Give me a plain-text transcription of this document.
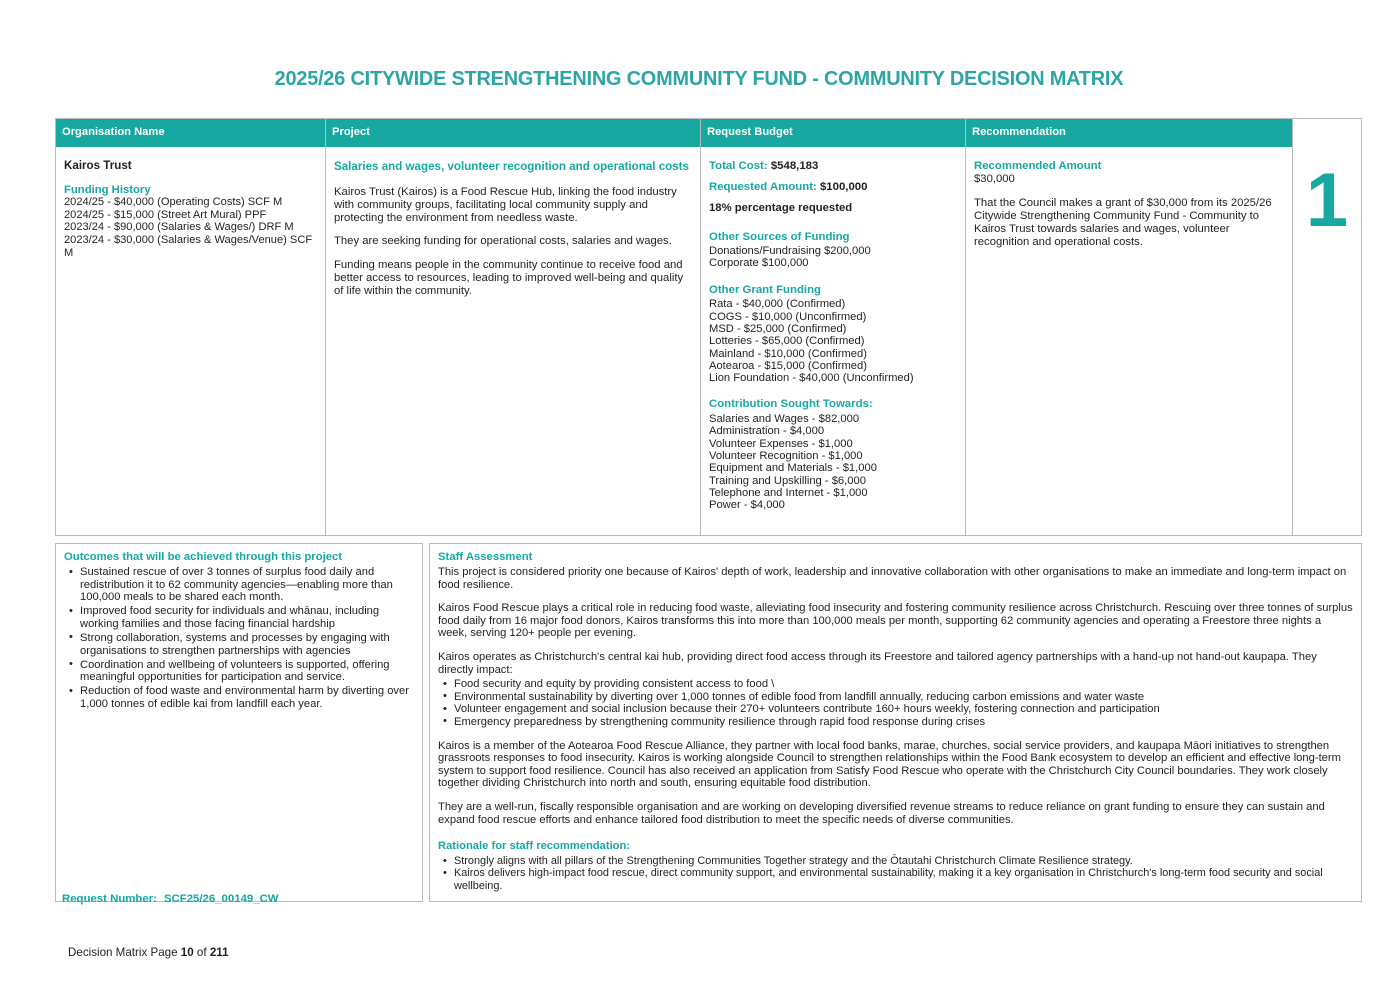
2025/26 CITYWIDE STRENGTHENING COMMUNITY FUND - COMMUNITY DECISION MATRIX
Organisation Name
Kairos Trust
Funding History
2024/25 - $40,000 (Operating Costs) SCF M
2024/25 - $15,000 (Street Art Mural) PPF
2023/24 - $90,000 (Salaries & Wages/) DRF M
2023/24 - $30,000 (Salaries & Wages/Venue) SCF M
Project
Salaries and wages, volunteer recognition and operational costs
Kairos Trust (Kairos) is a Food Rescue Hub, linking the food industry with community groups, facilitating local community supply and protecting the environment from needless waste.
They are seeking funding for operational costs, salaries and wages.
Funding means people in the community continue to receive food and better access to resources, leading to improved well-being and quality of life within the community.
Request Budget
Total Cost: $548,183
Requested Amount: $100,000
18% percentage requested
Other Sources of Funding
Donations/Fundraising $200,000
Corporate $100,000
Other Grant Funding
Rata - $40,000 (Confirmed)
COGS - $10,000 (Unconfirmed)
MSD - $25,000 (Confirmed)
Lotteries - $65,000 (Confirmed)
Mainland - $10,000 (Confirmed)
Aotearoa - $15,000 (Confirmed)
Lion Foundation - $40,000 (Unconfirmed)
Contribution Sought Towards:
Salaries and Wages - $82,000
Administration - $4,000
Volunteer Expenses - $1,000
Volunteer Recognition - $1,000
Equipment and Materials - $1,000
Training and Upskilling - $6,000
Telephone and Internet - $1,000
Power - $4,000
Recommendation
Recommended Amount
$30,000
That the Council makes a grant of $30,000 from its 2025/26 Citywide Strengthening Community Fund - Community to Kairos Trust towards salaries and wages, volunteer recognition and operational costs.	1
Outcomes that will be achieved through this project
• Sustained rescue of over 3 tonnes of surplus food daily and redistribution it to 62 community agencies—enabling more than 100,000 meals to be shared each month.
• Improved food security for individuals and whānau, including working families and those facing financial hardship
• Strong collaboration, systems and processes by engaging with organisations to strengthen partnerships with agencies
• Coordination and wellbeing of volunteers is supported, offering meaningful opportunities for participation and service.
• Reduction of food waste and environmental harm by diverting over 1,000 tonnes of edible kai from landfill each year.
Staff Assessment

This project is considered priority one because of Kairos' depth of work, leadership and innovative collaboration with other organisations to make an immediate and long-term impact on food resilience.

Kairos Food Rescue plays a critical role in reducing food waste, alleviating food insecurity and fostering community resilience across Christchurch. Rescuing over three tonnes of surplus food daily from 16 major food donors, Kairos transforms this into more than 100,000 meals per month, supporting 62 community agencies and operating a Freestore three nights a week, serving 120+ people per evening.

Kairos operates as Christchurch's central kai hub, providing direct food access through its Freestore and tailored agency partnerships with a hand-up not hand-out kaupapa. They directly impact:

• Food security and equity by providing consistent access to food \
• Environmental sustainability by diverting over 1,000 tonnes of edible food from landfill annually, reducing carbon emissions and water waste
• Volunteer engagement and social inclusion because their 270+ volunteers contribute 160+ hours weekly, fostering connection and participation
• Emergency preparedness by strengthening community resilience through rapid food response during crises

Kairos is a member of the Aotearoa Food Rescue Alliance, they partner with local food banks, marae, churches, social service providers, and kaupapa Māori initiatives to strengthen grassroots responses to food insecurity. Kairos is working alongside Council to strengthen relationships within the Food Bank ecosystem to develop an efficient and effective long-term system to support food resilience. Council has also received an application from Satisfy Food Rescue who operate with the Christchurch City Council boundaries. They work closely together dividing Christchurch into north and south, ensuring equitable food distribution.

They are a well-run, fiscally responsible organisation and are working on developing diversified revenue streams to reduce reliance on grant funding to ensure they can sustain and expand food rescue efforts and enhance tailored food distribution to meet the specific needs of diverse communities.

Rationale for staff recommendation:
• Strongly aligns with all pillars of the Strengthening Communities Together strategy and the Ōtautahi Christchurch Climate Resilience strategy.
• Kairos delivers high-impact food rescue, direct community support, and environmental sustainability, making it a key organisation in Christchurch's long-term food security and social wellbeing.
Request Number: SCF25/26_00149_CW
Decision Matrix Page 10 of 211
